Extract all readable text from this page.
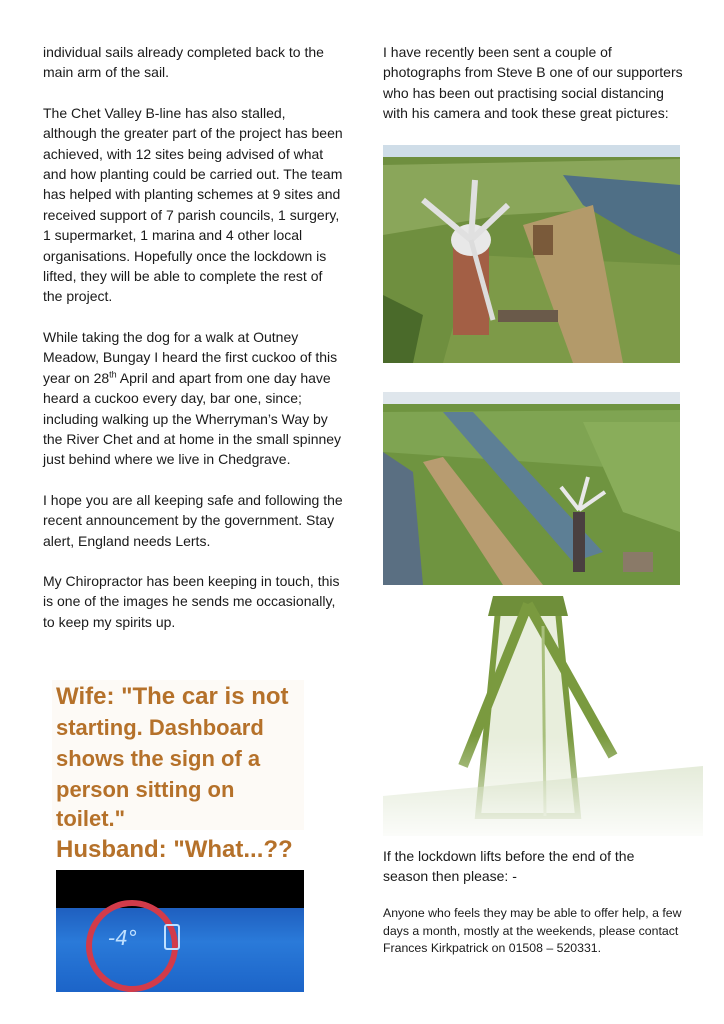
individual sails already completed back to the main arm of the sail.

The Chet Valley B-line has also stalled, although the greater part of the project has been achieved, with 12 sites being advised of what and how planting could be carried out. The team has helped with planting schemes at 9 sites and received support of 7 parish councils, 1 surgery, 1 supermarket, 1 marina and 4 other local organisations. Hopefully once the lockdown is lifted, they will be able to complete the rest of the project.

While taking the dog for a walk at Outney Meadow, Bungay I heard the first cuckoo of this year on 28th April and apart from one day have heard a cuckoo every day, bar one, since; including walking up the Wherryman’s Way by the River Chet and at home in the small spinney just behind where we live in Chedgrave.

I hope you are all keeping safe and following the recent announcement by the government. Stay alert, England needs Lerts.

My Chiropractor has been keeping in touch, this is one of the images he sends me occasionally, to keep my spirits up.

Wife: "The car is not

starting. Dashboard

shows the sign of a

person sitting on toilet."

Husband: "What...??

-4°

I have recently been sent a couple of photographs from Steve B one of our supporters who has been out practising social distancing with his camera and took these great pictures:

If the lockdown lifts before the end of the season then please: -

Anyone who feels they may be able to offer help, a few days a month, mostly at the weekends, please contact Frances Kirkpatrick on 01508 – 520331.
